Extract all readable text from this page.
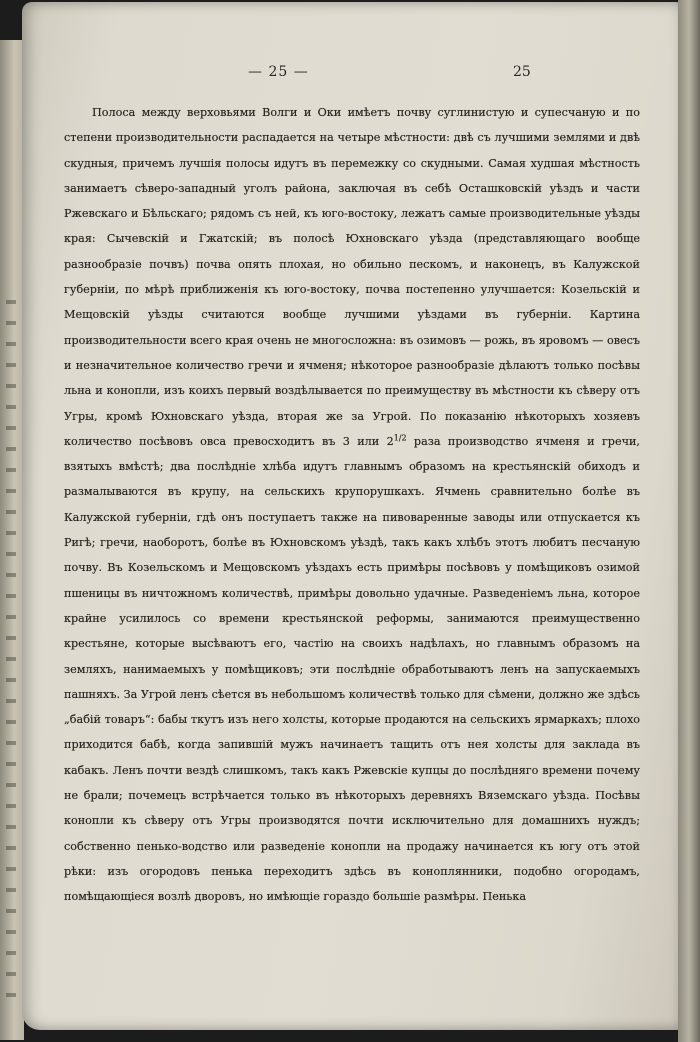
— 25 —	25
Полоса между верховьями Волги и Оки имѣетъ почву суглинистую и супесчаную и по степени производительности распадается на четыре мѣстности: двѣ съ лучшими землями и двѣ скудныя, причемъ лучшія полосы идутъ въ перемежку со скудными. Самая худшая мѣстность занимаетъ сѣверо-западный уголъ района, заключая въ себѣ Осташковскій уѣздъ и части Ржевскаго и Бѣльскаго; рядомъ съ ней, къ юго-востоку, лежатъ самые производительные уѣзды края: Сычевскій и Гжатскій; въ полосѣ Юхновскаго уѣзда (представляющаго вообще разнообразіе почвъ) почва опять плохая, но обильно пескомъ, и наконецъ, въ Калужской губерніи, по мѣрѣ приближенія къ юго-востоку, почва постепенно улучшается: Козельскій и Мещовскій уѣзды считаются вообще лучшими уѣздами въ губерніи. Картина производительности всего края очень не многосложна: въ озимовъ — рожь, въ яровомъ — овесъ и незначительное количество гречи и ячменя; нѣкоторое разнообразіе дѣлаютъ только посѣвы льна и конопли, изъ коихъ первый воздѣлывается по преимуществу въ мѣстности къ сѣверу отъ Угры, кромѣ Юхновскаго уѣзда, вторая же за Угрой. По показанію нѣкоторыхъ хозяевъ количество посѣвовъ овса превосходитъ въ 3 или $2^{1/2}$ раза производство ячменя и гречи, взятыхъ вмѣстѣ; два послѣдніе хлѣба идутъ главнымъ образомъ на крестьянскій обиходъ и размалываются въ крупу, на сельскихъ крупорушкахъ. Ячмень сравнительно болѣе въ Калужской губерніи, гдѣ онъ поступаетъ также на пивоваренные заводы или отпускается къ Ригѣ; гречи, наоборотъ, болѣе въ Юхновскомъ уѣздѣ, такъ какъ хлѣбъ этотъ любитъ песчаную почву. Въ Козельскомъ и Мещовскомъ уѣздахъ есть примѣры посѣвовъ у помѣщиковъ озимой пшеницы въ ничтожномъ количествѣ, примѣры довольно удачные. Разведеніемъ льна, которое крайне усилилось со времени крестьянской реформы, занимаются преимущественно крестьяне, которые высѣваютъ его, частію на своихъ надѣлахъ, но главнымъ образомъ на земляхъ, нанимаемыхъ у помѣщиковъ; эти послѣдніе обработываютъ ленъ на запускаемыхъ пашняхъ. За Угрой ленъ сѣется въ небольшомъ количествѣ только для сѣмени, должно же здѣсь „бабій товаръ“: бабы ткутъ изъ него холсты, которые продаются на сельскихъ ярмаркахъ; плохо приходится бабѣ, когда запившій мужъ начинаетъ тащить отъ нея холсты для заклада въ кабакъ. Ленъ почти вездѣ слишкомъ, такъ какъ Ржевскіе купцы до послѣдняго времени почему не брали; почемецъ встрѣчается только въ нѣкоторыхъ деревняхъ Вяземскаго уѣзда. Посѣвы конопли къ сѣверу отъ Угры производятся почти исключительно для домашнихъ нуждъ; собственно пенько-водство или разведеніе конопли на продажу начинается къ югу отъ этой рѣки: изъ огородовъ пенька переходитъ здѣсь въ коноплянники, подобно огородамъ, помѣщающіеся возлѣ дворовъ, но имѣющіе гораздо большіе размѣры. Пенька
